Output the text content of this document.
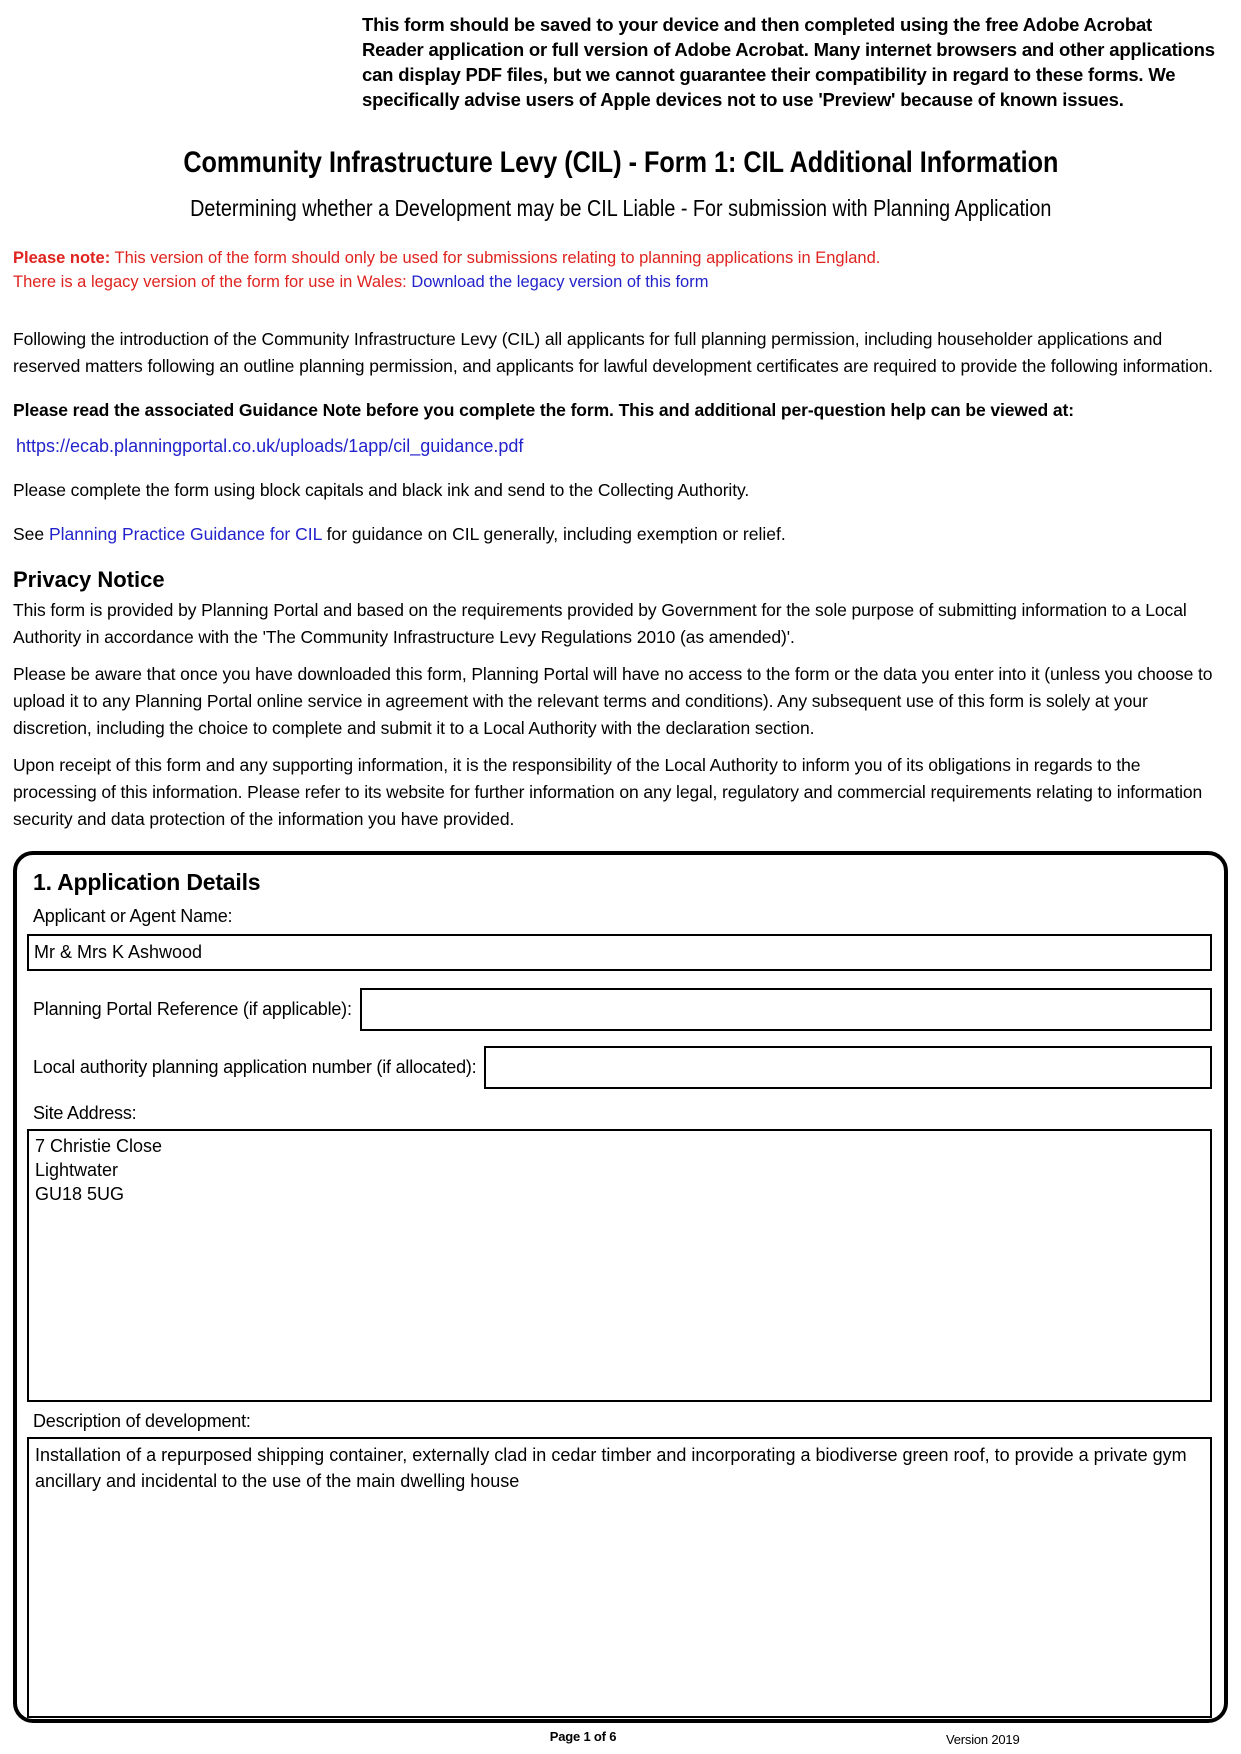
This form should be saved to your device and then completed using the free Adobe Acrobat Reader application or full version of Adobe Acrobat. Many internet browsers and other applications can display PDF files, but we cannot guarantee their compatibility in regard to these forms. We specifically advise users of Apple devices not to use 'Preview' because of known issues.
Community Infrastructure Levy (CIL) - Form 1: CIL Additional Information
Determining whether a Development may be CIL Liable - For submission with Planning Application
Please note: This version of the form should only be used for submissions relating to planning applications in England.
There is a legacy version of the form for use in Wales: Download the legacy version of this form
Following the introduction of the Community Infrastructure Levy (CIL) all applicants for full planning permission, including householder applications and reserved matters following an outline planning permission, and applicants for lawful development certificates are required to provide the following information.
Please read the associated Guidance Note before you complete the form. This and additional per-question help can be viewed at:
https://ecab.planningportal.co.uk/uploads/1app/cil_guidance.pdf
Please complete the form using block capitals and black ink and send to the Collecting Authority.
See Planning Practice Guidance for CIL for guidance on CIL generally, including exemption or relief.
Privacy Notice
This form is provided by Planning Portal and based on the requirements provided by Government for the sole purpose of submitting information to a Local Authority in accordance with the 'The Community Infrastructure Levy Regulations 2010 (as amended)'.
Please be aware that once you have downloaded this form, Planning Portal will have no access to the form or the data you enter into it (unless you choose to upload it to any Planning Portal online service in agreement with the relevant terms and conditions). Any subsequent use of this form is solely at your discretion, including the choice to complete and submit it to a Local Authority with the declaration section.
Upon receipt of this form and any supporting information, it is the responsibility of the Local Authority to inform you of its obligations in regards to the processing of this information. Please refer to its website for further information on any legal, regulatory and commercial requirements relating to information security and data protection of the information you have provided.
1. Application Details
Applicant or Agent Name:
Mr & Mrs K Ashwood
Planning Portal Reference (if applicable):
Local authority planning application number (if allocated):
Site Address:
7 Christie Close
Lightwater
GU18 5UG
Description of development:
Installation of a repurposed shipping container, externally clad in cedar timber and incorporating a biodiverse green roof, to provide a private gym ancillary and incidental to the use of the main dwelling house
Page 1 of 6	Version 2019
